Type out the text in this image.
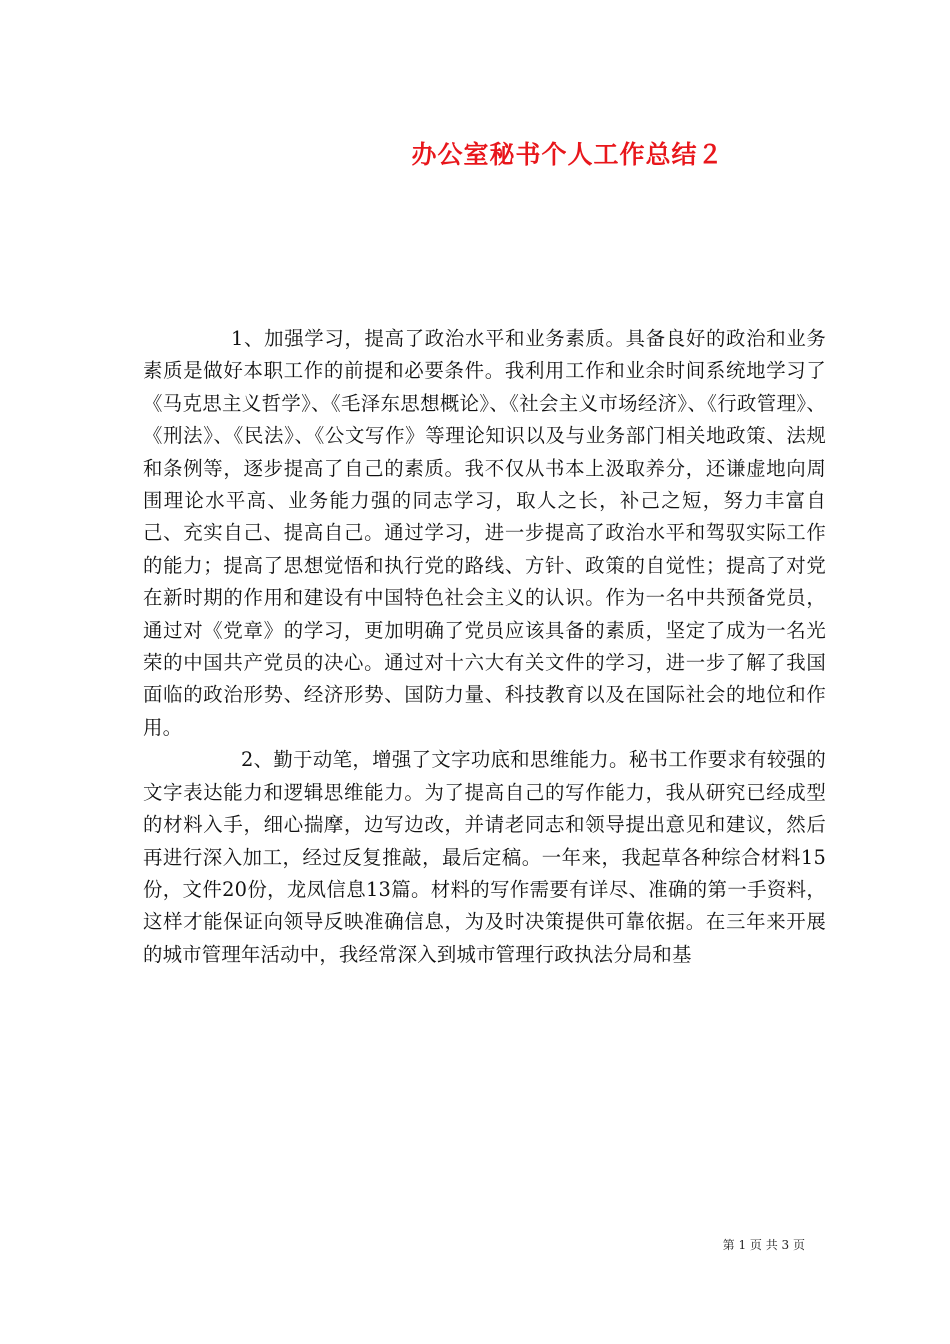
办公室秘书个人工作总结２

1、加强学习，提高了政治水平和业务素质。具备良好的政治和业务素质是做好本职工作的前提和必要条件。我利用工作和业余时间系统地学习了《马克思主义哲学》、《毛泽东思想概论》、《社会主义市场经济》、《行政管理》、《刑法》、《民法》、《公文写作》等理论知识以及与业务部门相关地政策、法规和条例等，逐步提高了自己的素质。我不仅从书本上汲取养分，还谦虚地向周围理论水平高、业务能力强的同志学习，取人之长，补己之短，努力丰富自己、充实自己、提高自己。通过学习，进一步提高了政治水平和驾驭实际工作的能力；提高了思想觉悟和执行党的路线、方针、政策的自觉性；提高了对党在新时期的作用和建设有中国特色社会主义的认识。作为一名中共预备党员，通过对《党章》的学习，更加明确了党员应该具备的素质，坚定了成为一名光荣的中国共产党员的决心。通过对十六大有关文件的学习，进一步了解了我国面临的政治形势、经济形势、国防力量、科技教育以及在国际社会的地位和作用。

2、勤于动笔，增强了文字功底和思维能力。秘书工作要求有较强的文字表达能力和逻辑思维能力。为了提高自己的写作能力，我从研究已经成型的材料入手，细心揣摩，边写边改，并请老同志和领导提出意见和建议，然后再进行深入加工，经过反复推敲，最后定稿。一年来，我起草各种综合材料15份，文件20份，龙凤信息13篇。材料的写作需要有详尽、准确的第一手资料，这样才能保证向领导反映准确信息，为及时决策提供可靠依据。在三年来开展的城市管理年活动中，我经常深入到城市管理行政执法分局和基

第 1 页 共 3 页
